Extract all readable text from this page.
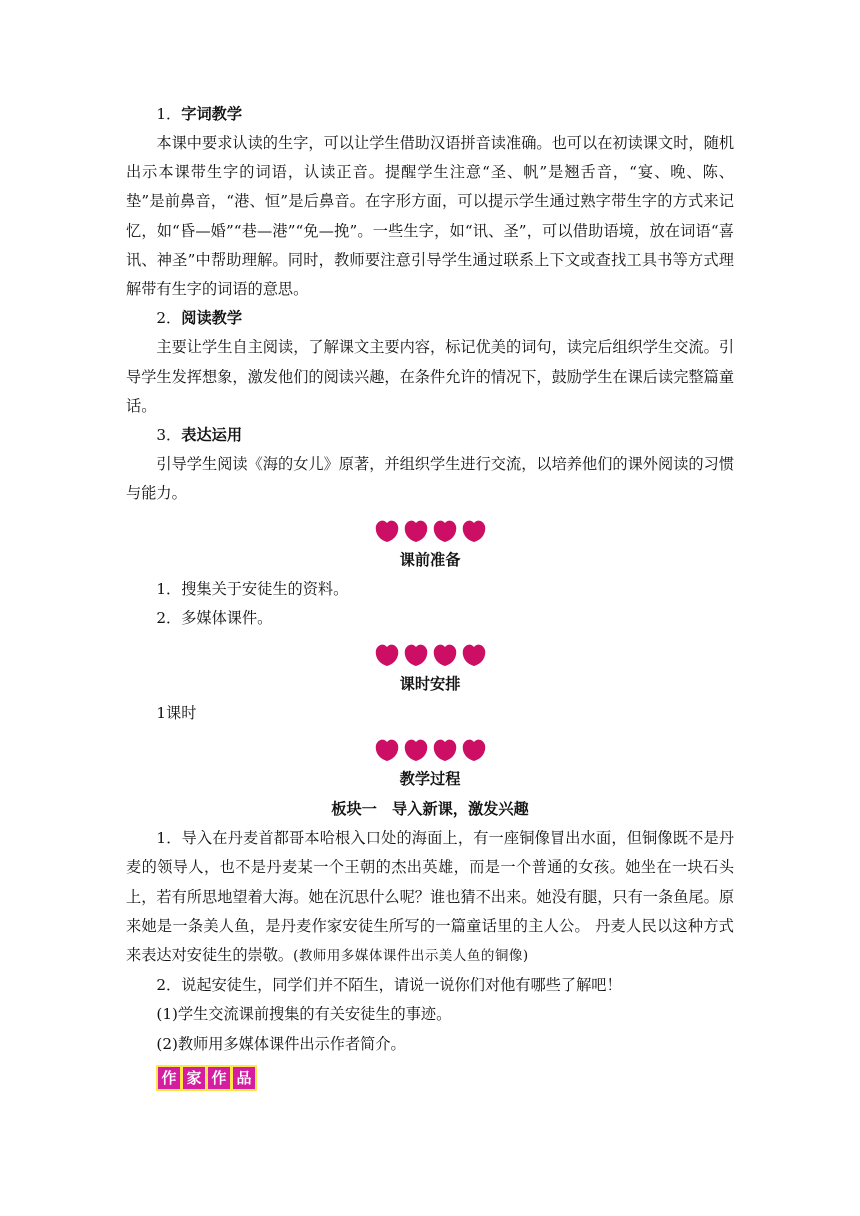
1．字词教学

本课中要求认读的生字，可以让学生借助汉语拼音读准确。也可以在初读课文时，随机出示本课带生字的词语，认读正音。提醒学生注意“圣、帆”是翘舌音，“宴、晚、陈、垫”是前鼻音，“港、恒”是后鼻音。在字形方面，可以提示学生通过熟字带生字的方式来记忆，如“昏—婚”“巷—港”“免—挽”。一些生字，如“讯、圣”，可以借助语境，放在词语“喜讯、神圣”中帮助理解。同时，教师要注意引导学生通过联系上下文或查找工具书等方式理解带有生字的词语的意思。

2．阅读教学

主要让学生自主阅读，了解课文主要内容，标记优美的词句，读完后组织学生交流。引导学生发挥想象，激发他们的阅读兴趣，在条件允许的情况下，鼓励学生在课后读完整篇童话。

3．表达运用

引导学生阅读《海的女儿》原著，并组织学生进行交流，以培养他们的课外阅读的习惯与能力。

课前准备

1．搜集关于安徒生的资料。

2．多媒体课件。

课时安排

1课时

教学过程
板块一　导入新课，激发兴趣

1．导入在丹麦首都哥本哈根入口处的海面上，有一座铜像冒出水面，但铜像既不是丹麦的领导人，也不是丹麦某一个王朝的杰出英雄，而是一个普通的女孩。她坐在一块石头上，若有所思地望着大海。她在沉思什么呢？谁也猜不出来。她没有腿，只有一条鱼尾。原来她是一条美人鱼，是丹麦作家安徒生所写的一篇童话里的主人公。 丹麦人民以这种方式来表达对安徒生的崇敬。(教师用多媒体课件出示美人鱼的铜像)

2．说起安徒生，同学们并不陌生，请说一说你们对他有哪些了解吧！

(1)学生交流课前搜集的有关安徒生的事迹。

(2)教师用多媒体课件出示作者简介。

作 家 作 品
